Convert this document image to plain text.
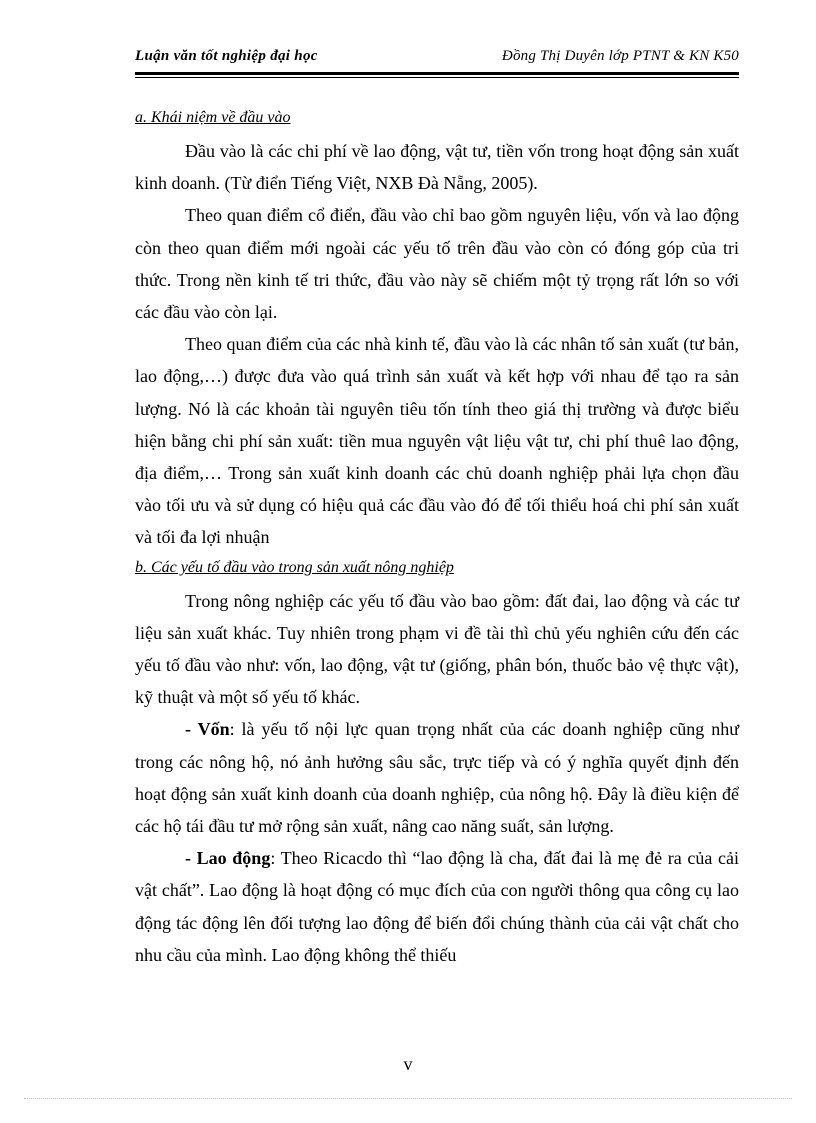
Luận văn tốt nghiệp đại học	Đồng Thị Duyên lớp PTNT & KN K50
a. Khái niệm về đầu vào

Đầu vào là các chi phí về lao động, vật tư, tiền vốn trong hoạt động sản xuất kinh doanh. (Từ điển Tiếng Việt, NXB Đà Nẵng, 2005).

Theo quan điểm cổ điển, đầu vào chỉ bao gồm nguyên liệu, vốn và lao động còn theo quan điểm mới ngoài các yếu tố trên đầu vào còn có đóng góp của tri thức. Trong nền kinh tế tri thức, đầu vào này sẽ chiếm một tỷ trọng rất lớn so với các đầu vào còn lại.

Theo quan điểm của các nhà kinh tế, đầu vào là các nhân tố sản xuất (tư bản, lao động,…) được đưa vào quá trình sản xuất và kết hợp với nhau để tạo ra sản lượng. Nó là các khoản tài nguyên tiêu tốn tính theo giá thị trường và được biểu hiện bằng chi phí sản xuất: tiền mua nguyên vật liệu vật tư, chi phí thuê lao động, địa điểm,… Trong sản xuất kinh doanh các chủ doanh nghiệp phải lựa chọn đầu vào tối ưu và sử dụng có hiệu quả các đầu vào đó để tối thiểu hoá chi phí sản xuất và tối đa lợi nhuận

b. Các yếu tố đầu vào trong sản xuất nông nghiệp

Trong nông nghiệp các yếu tố đầu vào bao gồm: đất đai, lao động và các tư liệu sản xuất khác. Tuy nhiên trong phạm vi đề tài thì chủ yếu nghiên cứu đến các yếu tố đầu vào như: vốn, lao động, vật tư (giống, phân bón, thuốc bảo vệ thực vật), kỹ thuật và một số yếu tố khác.

- Vốn: là yếu tố nội lực quan trọng nhất của các doanh nghiệp cũng như trong các nông hộ, nó ảnh hưởng sâu sắc, trực tiếp và có ý nghĩa quyết định đến hoạt động sản xuất kinh doanh của doanh nghiệp, của nông hộ. Đây là điều kiện để các hộ tái đầu tư mở rộng sản xuất, nâng cao năng suất, sản lượng.

- Lao động: Theo Ricacdo thì “lao động là cha, đất đai là mẹ đẻ ra của cải vật chất”. Lao động là hoạt động có mục đích của con người thông qua công cụ lao động tác động lên đối tượng lao động để biến đổi chúng thành của cải vật chất cho nhu cầu của mình. Lao động không thể thiếu

v
